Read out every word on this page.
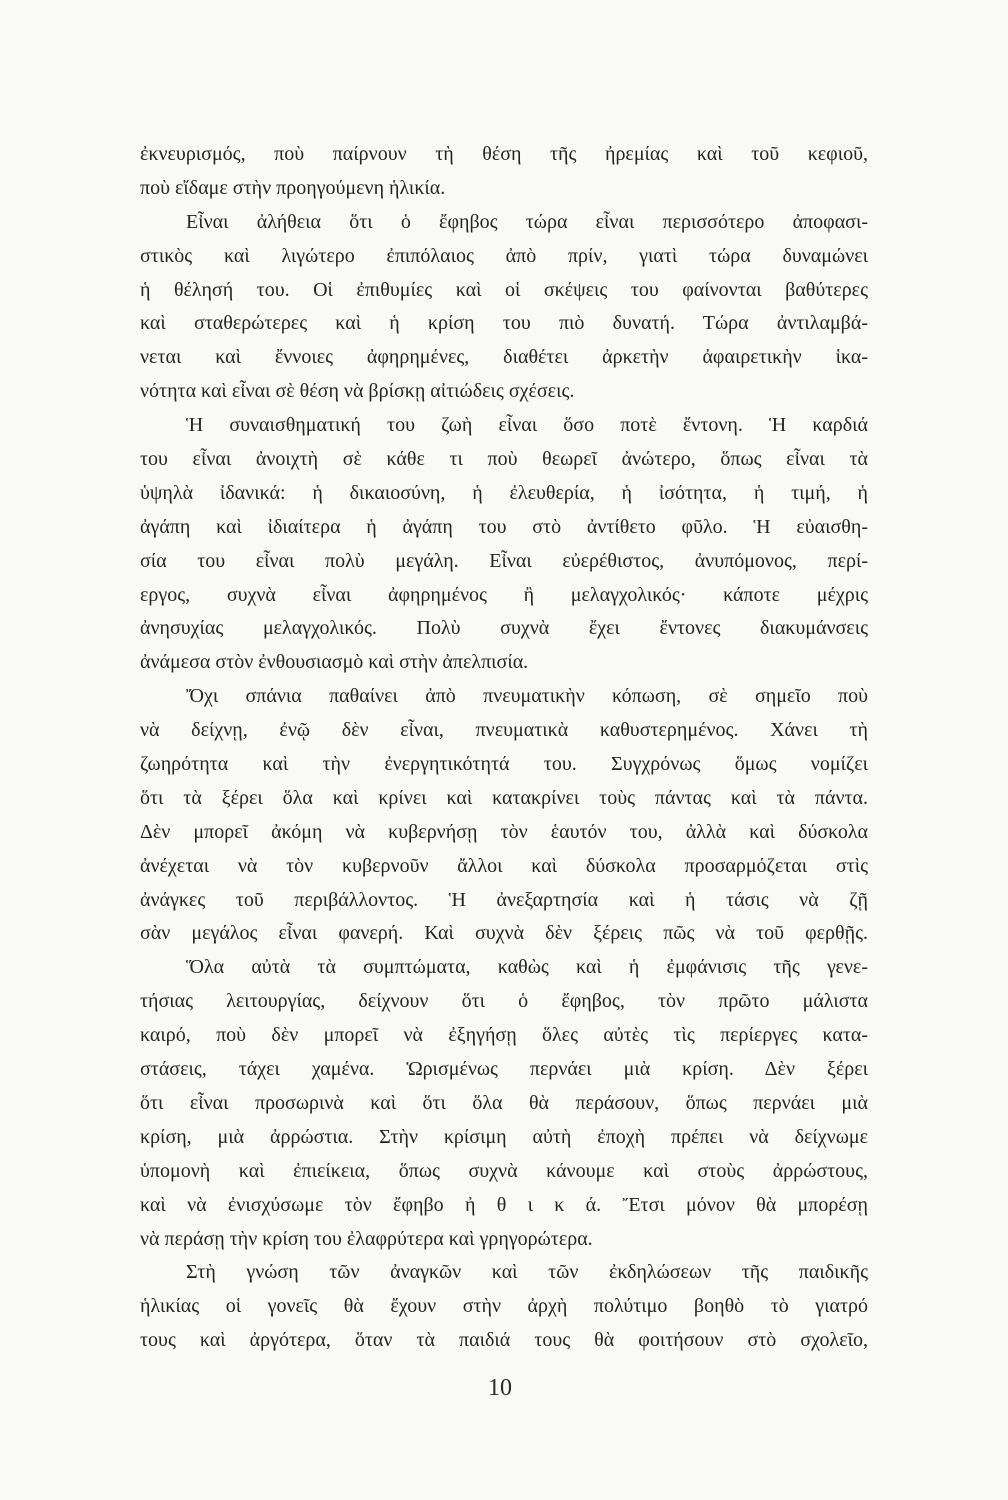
ἐκνευρισμός, ποὺ παίρνουν τὴ θέση τῆς ἠρεμίας καὶ τοῦ κεφιοῦ,
ποὺ εἴδαμε στὴν προηγούμενη ἡλικία.
Εἶναι ἀλήθεια ὅτι ὁ ἔφηβος τώρα εἶναι περισσότερο ἀποφασι-
στικὸς καὶ λιγώτερο ἐπιπόλαιος ἀπὸ πρίν, γιατὶ τώρα δυναμώνει
ἡ θέλησή του. Οἱ ἐπιθυμίες καὶ οἱ σκέψεις του φαίνονται βαθύτερες
καὶ σταθερώτερες καὶ ἡ κρίση του πιὸ δυνατή. Τώρα ἀντιλαμβά-
νεται καὶ ἔννοιες ἀφηρημένες, διαθέτει ἀρκετὴν ἀφαιρετικὴν ἱκα-
νότητα καὶ εἶναι σὲ θέση νὰ βρίσκῃ αἰτιώδεις σχέσεις.
Ἡ συναισθηματική του ζωὴ εἶναι ὅσο ποτὲ ἔντονη. Ἡ καρδιά
του εἶναι ἀνοιχτὴ σὲ κάθε τι ποὺ θεωρεῖ ἀνώτερο, ὅπως εἶναι τὰ
ὑψηλὰ ἰδανικά: ἡ δικαιοσύνη, ἡ ἐλευθερία, ἡ ἰσότητα, ἡ τιμή, ἡ
ἀγάπη καὶ ἰδιαίτερα ἡ ἀγάπη του στὸ ἀντίθετο φῦλο. Ἡ εὐαισθη-
σία του εἶναι πολὺ μεγάλη. Εἶναι εὐερέθιστος, ἀνυπόμονος, περί-
εργος, συχνὰ εἶναι ἀφηρημένος ἢ μελαγχολικός· κάποτε μέχρις
ἀνησυχίας μελαγχολικός. Πολὺ συχνὰ ἔχει ἔντονες διακυμάνσεις
ἀνάμεσα στὸν ἐνθουσιασμὸ καὶ στὴν ἀπελπισία.
Ὄχι σπάνια παθαίνει ἀπὸ πνευματικὴν κόπωση, σὲ σημεῖο ποὺ
νὰ δείχνῃ, ἐνῷ δὲν εἶναι, πνευματικὰ καθυστερημένος. Χάνει τὴ
ζωηρότητα καὶ τὴν ἐνεργητικότητά του. Συγχρόνως ὅμως νομίζει
ὅτι τὰ ξέρει ὅλα καὶ κρίνει καὶ κατακρίνει τοὺς πάντας καὶ τὰ πάντα.
Δὲν μπορεῖ ἀκόμη νὰ κυβερνήσῃ τὸν ἑαυτόν του, ἀλλὰ καὶ δύσκολα
ἀνέχεται νὰ τὸν κυβερνοῦν ἄλλοι καὶ δύσκολα προσαρμόζεται στὶς
ἀνάγκες τοῦ περιβάλλοντος. Ἡ ἀνεξαρτησία καὶ ἡ τάσις νὰ ζῇ
σὰν μεγάλος εἶναι φανερή. Καὶ συχνὰ δὲν ξέρεις πῶς νὰ τοῦ φερθῇς.
Ὅλα αὐτὰ τὰ συμπτώματα, καθὼς καὶ ἡ ἐμφάνισις τῆς γενε-
τήσιας λειτουργίας, δείχνουν ὅτι ὁ ἔφηβος, τὸν πρῶτο μάλιστα
καιρό, ποὺ δὲν μπορεῖ νὰ ἐξηγήσῃ ὅλες αὐτὲς τὶς περίεργες κατα-
στάσεις, τάχει χαμένα. Ὡρισμένως περνάει μιὰ κρίση. Δὲν ξέρει
ὅτι εἶναι προσωρινὰ καὶ ὅτι ὅλα θὰ περάσουν, ὅπως περνάει μιὰ
κρίση, μιὰ ἀρρώστια. Στὴν κρίσιμη αὐτὴ ἐποχὴ πρέπει νὰ δείχνωμε
ὑπομονὴ καὶ ἐπιείκεια, ὅπως συχνὰ κάνουμε καὶ στοὺς ἀρρώστους,
καὶ νὰ ἐνισχύσωμε τὸν ἔφηβο ἠ θ ι κ ά. Ἔτσι μόνον θὰ μπορέσῃ
νὰ περάσῃ τὴν κρίση του ἐλαφρύτερα καὶ γρηγορώτερα.
Στὴ γνώση τῶν ἀναγκῶν καὶ τῶν ἐκδηλώσεων τῆς παιδικῆς
ἡλικίας οἱ γονεῖς θὰ ἔχουν στὴν ἀρχὴ πολύτιμο βοηθὸ τὸ γιατρό
τους καὶ ἀργότερα, ὅταν τὰ παιδιά τους θὰ φοιτήσουν στὸ σχολεῖο,
10
